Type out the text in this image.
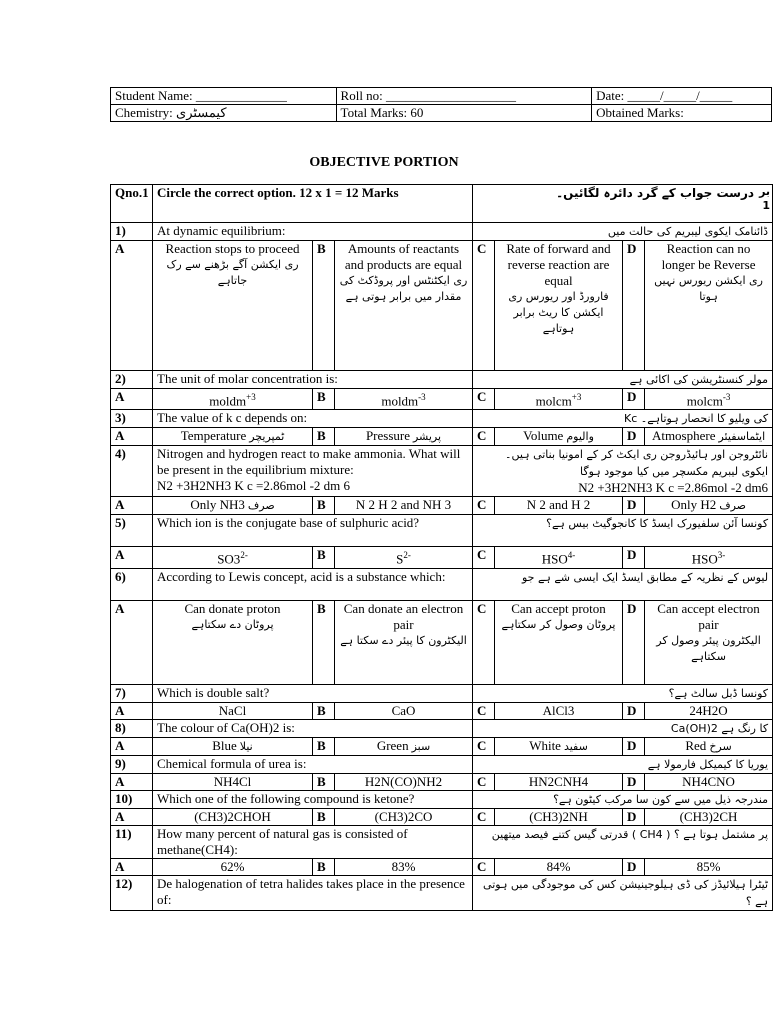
Student Name: ______________	Roll no: ____________________	Date: _____/_____/_____
Chemistry: کیمسٹری	Total Marks: 60	Obtained Marks:
OBJECTIVE PORTION
Qno.1	Circle the correct option. 12 x 1 = 12 Marks			درست جواب کے گرد دائرہ لگائیں۔ بر 1			

1)	At dynamic equilibrium:			ڈائنامک ایکوی لیبریم کی حالت میں			
A	Reaction stops to proceed
ری ایکشن آگے بڑھنے سے رک جاتاہے	B	Amounts of reactants and products are equal
ری ایکٹنٹس اور پروڈکٹ کی مقدار میں برابر ہوتی ہے	C	Rate of forward and reverse reaction are equal
فارورڈ اور ریورس ری ایکشن کا ریٹ برابر ہوتاہے	D	Reaction can no longer be Reverse
ری ایکشن ریورس نہیں ہوتا

2)	The unit of molar concentration is:			مولر کنسنٹریشن کی اکائی ہے			
A	moldm$^{+3}$	B	moldm$^{-3}$	C	molcm$^{+3}$	D	molcm$^{-3}$
3)	The value of k c depends on:			Kc کی ویلیو کا انحصار ہوتاہے۔			
A	Temperature ٹمپریچر	B	Pressure پریشر	C	Volume والیوم	D	Atmosphere ایٹماسفیئر
4)	Nitrogen and hydrogen react to make ammonia. What will be present in the equilibrium mixture:
N2 +3H2NH3 K c =2.86mol -2 dm 6			نائٹروجن اور ہائیڈروجن ری ایکٹ کر کے امونیا بناتی ہیں۔ ایکوی لیبریم مکسچر میں کیا موجود ہوگا
N2 +3H2NH3 K c =2.86mol -2 dm6			
A	Only NH3 صرف	B	N 2 H 2 and NH 3	C	N 2 and H 2	D	Only H2 صرف
5)	Which ion is the conjugate base of sulphuric acid?			کونسا آئن سلفیورک ایسڈ کا کانجوگیٹ بیس ہے؟			
A	$SO3^{2-}$	B	$S^{2-}$	C	$HSO^{4-}$	D	$HSO^{3-}$
6)	According to Lewis concept, acid is a substance which:			لیوس کے نظریہ کے مطابق ایسڈ ایک ایسی شے ہے جو			
A	Can donate proton
پروٹان دے سکتاہے	B	Can donate an electron pair
الیکٹرون کا پیئر دے سکتا ہے	C	Can accept proton
پروٹان وصول کر سکتاہے	D	Can accept electron pair
الیکٹرون پیئر وصول کر سکتاہے

7)	Which is double salt?			کونسا ڈبل سالٹ ہے؟			
A	NaCl	B	CaO	C	AlCl3	D	24H2O
8)	The colour of Ca(OH)2 is:			Ca(OH)2 کا رنگ ہے			
A	Blue نیلا	B	Green سبز	C	White سفید	D	Red سرخ
9)	Chemical formula of urea is:			یوریا کا کیمیکل فارمولا ہے			
A	NH4Cl	B	H2N(CO)NH2	C	HN2CNH4	D	NH4CNO
10)	Which one of the following compound is ketone?			مندرجہ ذیل میں سے کون سا مرکب کیٹون ہے؟			
A	(CH3)2CHOH	B	(CH3)2CO	C	(CH3)2NH	D	(CH3)2CH
11)	How many percent of natural gas is consisted of methane(CH4):			قدرتی گیس کتنے فیصد میتھین ( CH4 ) پر مشتمل ہوتا ہے ؟			
A	62%	B	83%	C	84%	D	85%
12)	De halogenation of tetra halides takes place in the presence of:			ٹیٹرا ہیلائیڈز کی ڈی ہیلوجینیشن کس کی موجودگی میں ہوتی ہے ؟			
